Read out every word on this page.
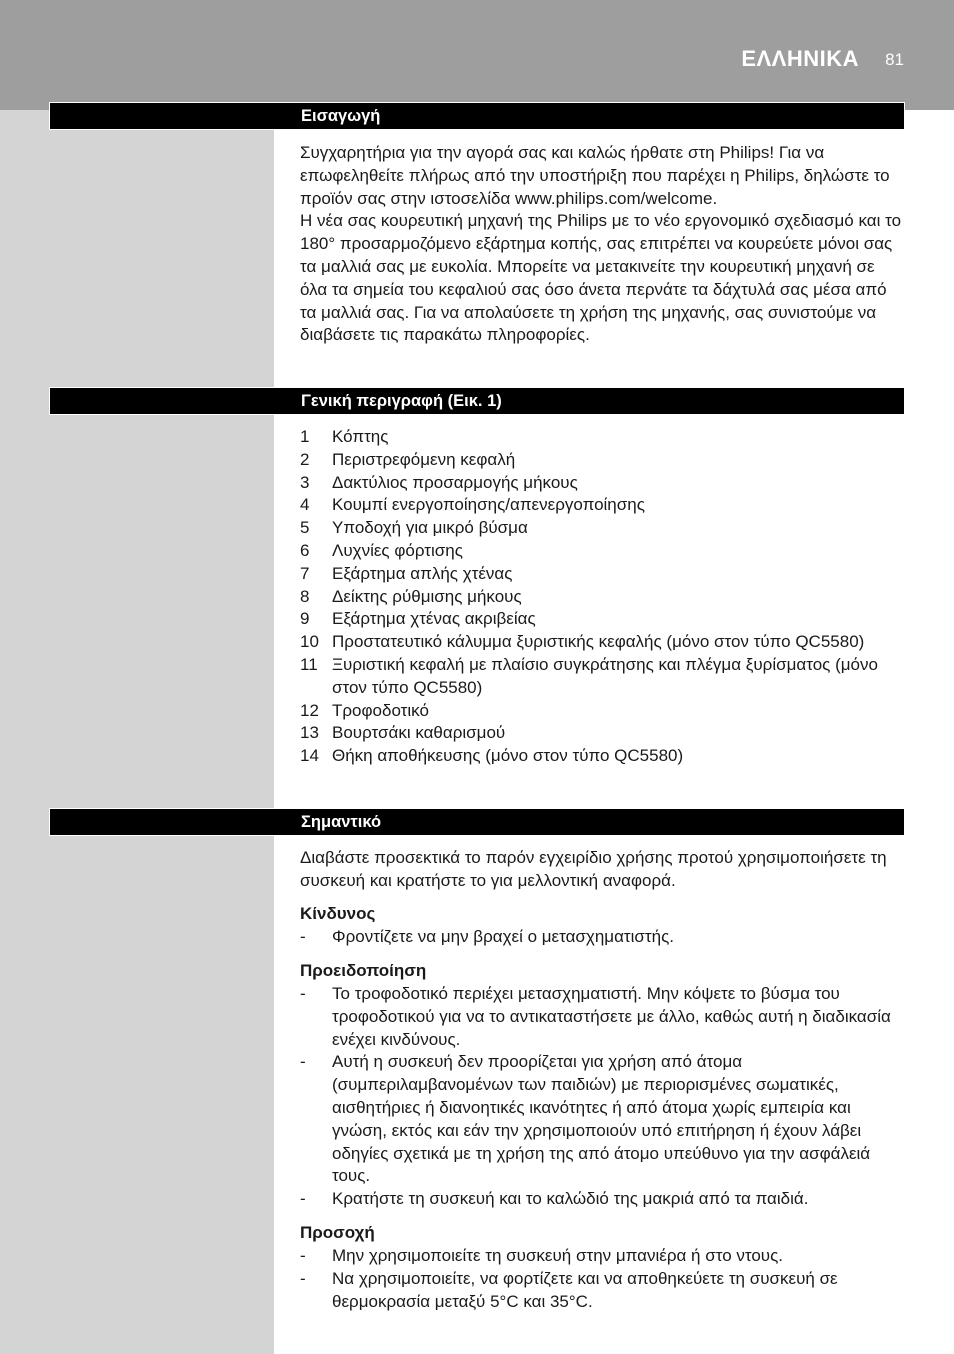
ΕΛΛΗΝΙΚΑ 81
Εισαγωγή

Συγχαρητήρια για την αγορά σας και καλώς ήρθατε στη Philips! Για να επωφεληθείτε πλήρως από την υποστήριξη που παρέχει η Philips, δηλώστε το προϊόν σας στην ιστοσελίδα www.philips.com/welcome.

Η νέα σας κουρευτική μηχανή της Philips με το νέο εργονομικό σχεδιασμό και το 180° προσαρμοζόμενο εξάρτημα κοπής, σας επιτρέπει να κουρεύετε μόνοι σας τα μαλλιά σας με ευκολία. Μπορείτε να μετακινείτε την κουρευτική μηχανή σε όλα τα σημεία του κεφαλιού σας όσο άνετα περνάτε τα δάχτυλά σας μέσα από τα μαλλιά σας. Για να απολαύσετε τη χρήση της μηχανής, σας συνιστούμε να διαβάσετε τις παρακάτω πληροφορίες.

Γενική περιγραφή (Εικ. 1)
1	Κόπτης
2	Περιστρεφόμενη κεφαλή
3	Δακτύλιος προσαρμογής μήκους
4	Κουμπί ενεργοποίησης/απενεργοποίησης
5	Υποδοχή για μικρό βύσμα
6	Λυχνίες φόρτισης
7	Εξάρτημα απλής χτένας
8	Δείκτης ρύθμισης μήκους
9	Εξάρτημα χτένας ακριβείας
10 Προστατευτικό κάλυμμα ξυριστικής κεφαλής (μόνο στον τύπο QC5580)
11 Ξυριστική κεφαλή με πλαίσιο συγκράτησης και πλέγμα ξυρίσματος (μόνο στον τύπο QC5580)
12 Τροφοδοτικό
13 Βουρτσάκι καθαρισμού
14 Θήκη αποθήκευσης (μόνο στον τύπο QC5580)
Σημαντικό
Διαβάστε προσεκτικά το παρόν εγχειρίδιο χρήσης προτού χρησιμοποιήσετε τη συσκευή και κρατήστε το για μελλοντική αναφορά.
Κίνδυνος
-	Φροντίζετε να μην βραχεί ο μετασχηματιστής.
Προειδοποίηση
-	Το τροφοδοτικό περιέχει μετασχηματιστή. Μην κόψετε το βύσμα του τροφοδοτικού για να το αντικαταστήσετε με άλλο, καθώς αυτή η διαδικασία ενέχει κινδύνους.
-	Αυτή η συσκευή δεν προορίζεται για χρήση από άτομα (συμπεριλαμβανομένων των παιδιών) με περιορισμένες σωματικές, αισθητήριες ή διανοητικές ικανότητες ή από άτομα χωρίς εμπειρία και γνώση, εκτός και εάν την χρησιμοποιούν υπό επιτήρηση ή έχουν λάβει οδηγίες σχετικά με τη χρήση της από άτομο υπεύθυνο για την ασφάλειά τους.
-	Κρατήστε τη συσκευή και το καλώδιό της μακριά από τα παιδιά.
Προσοχή
-	Μην χρησιμοποιείτε τη συσκευή στην μπανιέρα ή στο ντους.
-	Να χρησιμοποιείτε, να φορτίζετε και να αποθηκεύετε τη συσκευή σε θερμοκρασία μεταξύ 5°C και 35°C.
